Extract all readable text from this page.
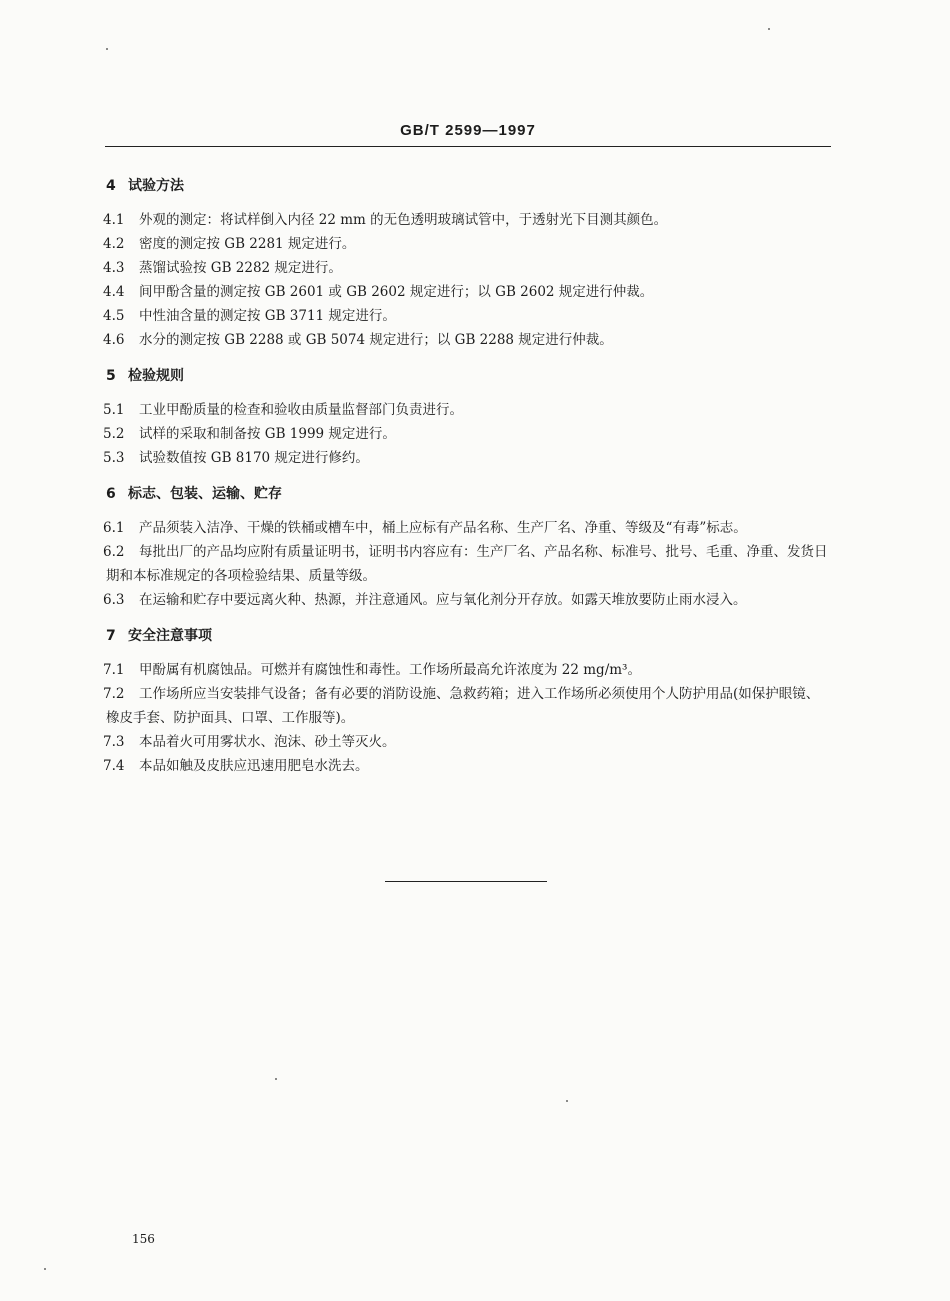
GB/T 2599—1997
4 试验方法

4.1 外观的测定：将试样倒入内径 22 mm 的无色透明玻璃试管中，于透射光下目测其颜色。

4.2 密度的测定按 GB 2281 规定进行。

4.3 蒸馏试验按 GB 2282 规定进行。

4.4 间甲酚含量的测定按 GB 2601 或 GB 2602 规定进行；以 GB 2602 规定进行仲裁。

4.5 中性油含量的测定按 GB 3711 规定进行。

4.6 水分的测定按 GB 2288 或 GB 5074 规定进行；以 GB 2288 规定进行仲裁。

5 检验规则

5.1 工业甲酚质量的检查和验收由质量监督部门负责进行。

5.2 试样的采取和制备按 GB 1999 规定进行。

5.3 试验数值按 GB 8170 规定进行修约。

6 标志、包装、运输、贮存

6.1 产品须装入洁净、干燥的铁桶或槽车中，桶上应标有产品名称、生产厂名、净重、等级及“有毒”标志。

6.2 每批出厂的产品均应附有质量证明书，证明书内容应有：生产厂名、产品名称、标准号、批号、毛重、净重、发货日期和本标准规定的各项检验结果、质量等级。

6.3 在运输和贮存中要远离火种、热源，并注意通风。应与氧化剂分开存放。如露天堆放要防止雨水浸入。

7 安全注意事项

7.1 甲酚属有机腐蚀品。可燃并有腐蚀性和毒性。工作场所最高允许浓度为 22 mg/m³。

7.2 工作场所应当安装排气设备；备有必要的消防设施、急救药箱；进入工作场所必须使用个人防护用品(如保护眼镜、橡皮手套、防护面具、口罩、工作服等)。

7.3 本品着火可用雾状水、泡沫、砂土等灭火。

7.4 本品如触及皮肤应迅速用肥皂水洗去。

156
